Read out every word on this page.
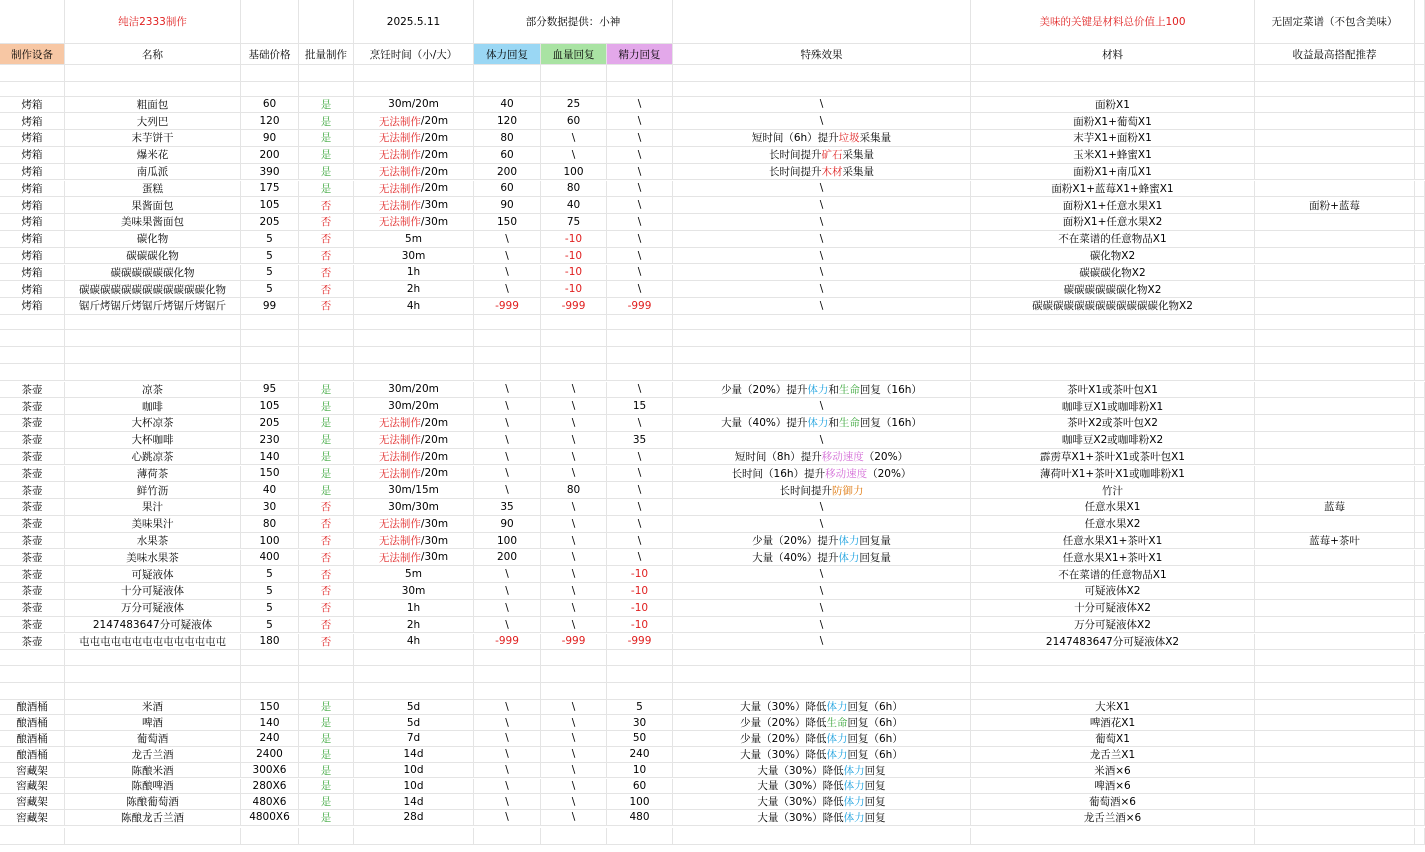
纯洁2333制作	2025.5.11	部分数据提供：小神	美味的关键是材料总价值上100	无固定菜谱（不包含美味）
制作设备	名称	基础价格	批量制作	烹饪时间（小/大）	体力回复	血量回复	精力回复	特殊效果	材料	收益最高搭配推荐
烤箱	粗面包	60	是	30m/20m	40	25	\	\	面粉X1
烤箱	大列巴	120	是	无法制作 /20m	120	60	\	\	面粉X1+葡萄X1
烤箱	末芋饼干	90	是	无法制作 /20m	80	\	\	短时间（6h）提升 垃圾 采集量	末芋X1+面粉X1
烤箱	爆米花	200	是	无法制作 /20m	60	\	\	长时间提升 矿石 采集量	玉米X1+蜂蜜X1
烤箱	南瓜派	390	是	无法制作 /20m	200	100	\	长时间提升 木材 采集量	面粉X1+南瓜X1
烤箱	蛋糕	175	是	无法制作 /20m	60	80	\	\	面粉X1+蓝莓X1+蜂蜜X1
烤箱	果酱面包	105	否	无法制作 /30m	90	40	\	\	面粉X1+任意水果X1	面粉+蓝莓
烤箱	美味果酱面包	205	否	无法制作 /30m	150	75	\	\	面粉X1+任意水果X2
烤箱	碳化物	5	否	5m	\	-10	\	\	不在菜谱的任意物品X1
烤箱	碳碳碳化物	5	否	30m	\	-10	\	\	碳化物X2
烤箱	碳碳碳碳碳碳化物	5	否	1h	\	-10	\	\	碳碳碳化物X2
烤箱	碳碳碳碳碳碳碳碳碳碳碳碳化物	5	否	2h	\	-10	\	\	碳碳碳碳碳碳化物X2
烤箱	锯斤烤锯斤烤锯斤烤锯斤烤锯斤	99	否	4h	-999	-999	-999	\	碳碳碳碳碳碳碳碳碳碳碳碳化物X2
茶壶	凉茶	95	是	30m/20m	\	\	\	少量（20%）提升 体力 和 生命 回复（16h）	茶叶X1或茶叶包X1
茶壶	咖啡	105	是	30m/20m	\	\	15	\	咖啡豆X1或咖啡粉X1
茶壶	大杯凉茶	205	是	无法制作 /20m	\	\	\	大量（40%）提升 体力 和 生命 回复（16h）	茶叶X2或茶叶包X2
茶壶	大杯咖啡	230	是	无法制作 /20m	\	\	35	\	咖啡豆X2或咖啡粉X2
茶壶	心跳凉茶	140	是	无法制作 /20m	\	\	\	短时间（8h）提升 移动速度 （20%）	霹雳草X1+茶叶X1或茶叶包X1
茶壶	薄荷茶	150	是	无法制作 /20m	\	\	\	长时间（16h）提升 移动速度 （20%）	薄荷叶X1+茶叶X1或咖啡粉X1
茶壶	鲜竹沥	40	是	30m/15m	\	80	\	长时间提升 防御力	竹汁
茶壶	果汁	30	否	30m/30m	35	\	\	\	任意水果X1	蓝莓
茶壶	美味果汁	80	否	无法制作 /30m	90	\	\	\	任意水果X2
茶壶	水果茶	100	否	无法制作 /30m	100	\	\	少量（20%）提升 体力 回复量	任意水果X1+茶叶X1	蓝莓+茶叶
茶壶	美味水果茶	400	否	无法制作 /30m	200	\	\	大量（40%）提升 体力 回复量	任意水果X1+茶叶X1
茶壶	可疑液体	5	否	5m	\	\	-10	\	不在菜谱的任意物品X1
茶壶	十分可疑液体	5	否	30m	\	\	-10	\	可疑液体X2
茶壶	万分可疑液体	5	否	1h	\	\	-10	\	十分可疑液体X2
茶壶	2147483647分可疑液体	5	否	2h	\	\	-10	\	万分可疑液体X2
茶壶	屯屯屯屯屯屯屯屯屯屯屯屯屯屯	180	否	4h	-999	-999	-999	\	2147483647分可疑液体X2
酿酒桶	米酒	150	是	5d	\	\	5	大量（30%）降低 体力 回复（6h）	大米X1
酿酒桶	啤酒	140	是	5d	\	\	30	少量（20%）降低 生命 回复（6h）	啤酒花X1
酿酒桶	葡萄酒	240	是	7d	\	\	50	少量（20%）降低 体力 回复（6h）	葡萄X1
酿酒桶	龙舌兰酒	2400	是	14d	\	\	240	大量（30%）降低 体力 回复（6h）	龙舌兰X1
窖藏架	陈酿米酒	300X6	是	10d	\	\	10	大量（30%）降低 体力 回复	米酒×6
窖藏架	陈酿啤酒	280X6	是	10d	\	\	60	大量（30%）降低 体力 回复	啤酒×6
窖藏架	陈酿葡萄酒	480X6	是	14d	\	\	100	大量（30%）降低 体力 回复	葡萄酒×6
窖藏架	陈酿龙舌兰酒	4800X6	是	28d	\	\	480	大量（30%）降低 体力 回复	龙舌兰酒×6
